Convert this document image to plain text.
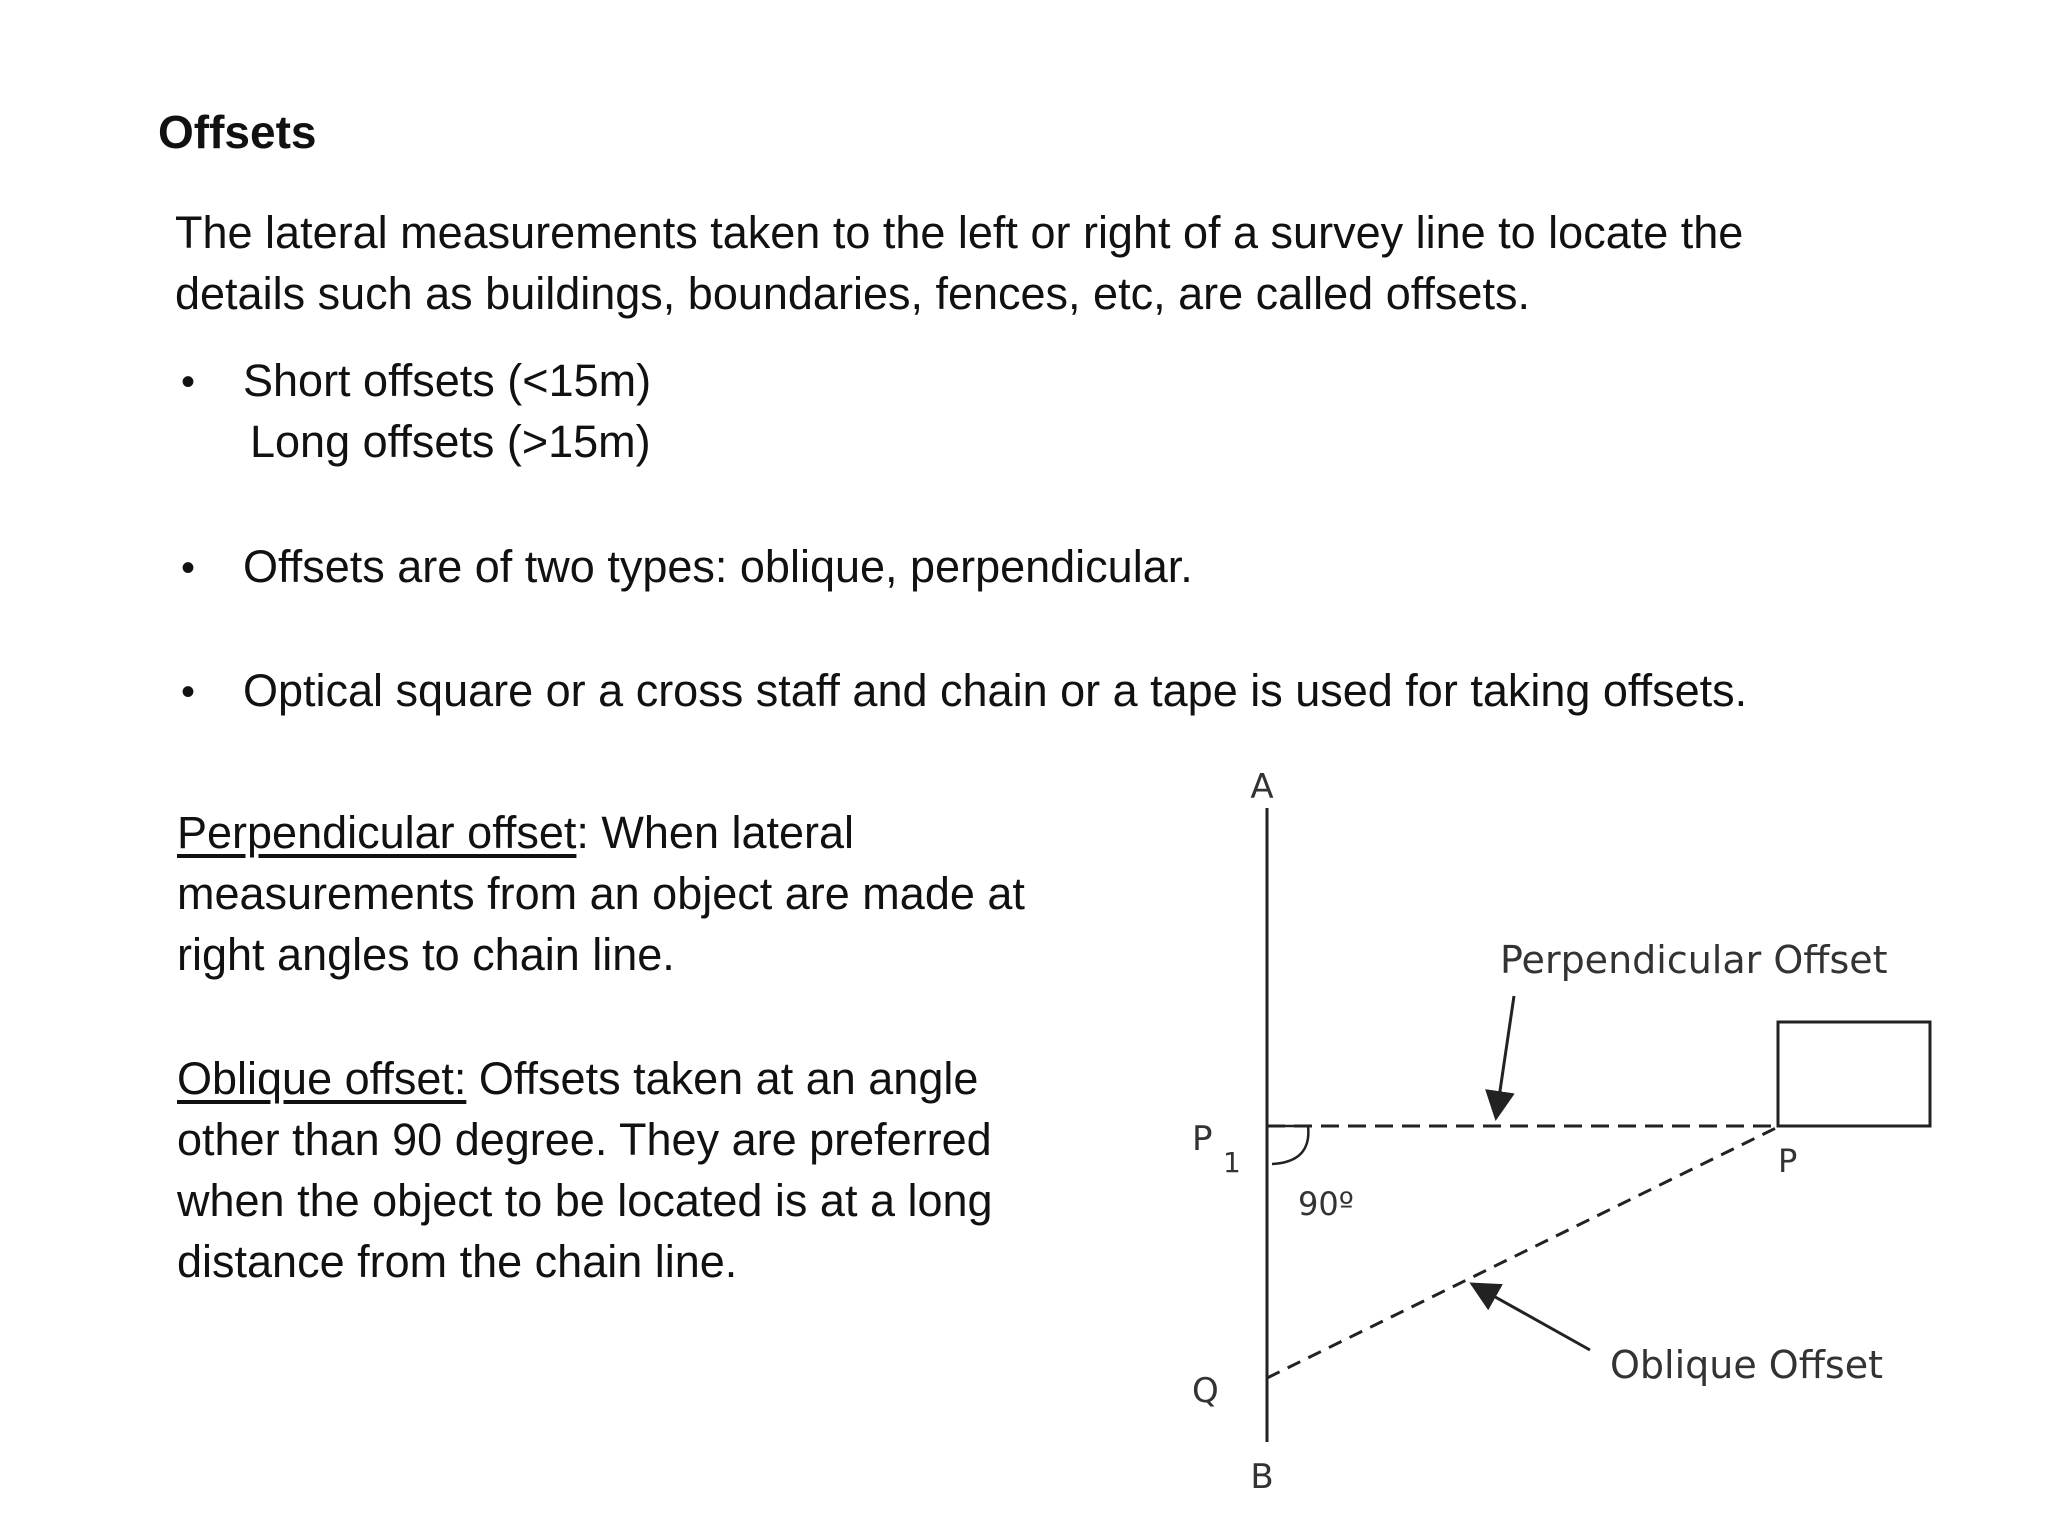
Offsets
The lateral measurements taken to the left or right of a survey line to locate the
details such as buildings, boundaries, fences, etc, are called offsets.
• Short offsets (<15m)
Long offsets (>15m)
• Offsets are of two types: oblique, perpendicular.
• Optical square or a cross staff and chain or a tape is used for taking offsets.
Perpendicular offset: When lateral
measurements from an object are made at
right angles to chain line.
Oblique offset: Offsets taken at an angle
other than 90 degree. They are preferred
when the object to be located is at a long
distance from the chain line.
A
B
P
1
Q
P
90º
Perpendicular Offset
Oblique Offset
